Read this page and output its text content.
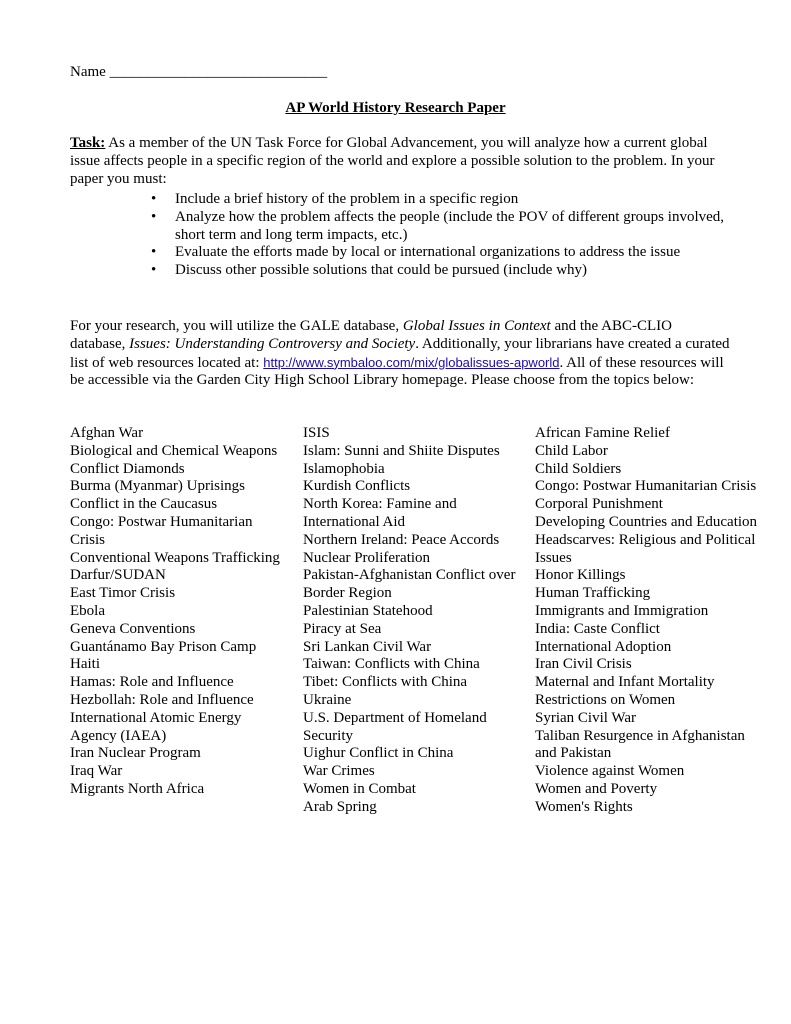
Name _____________________________
AP World History Research Paper
Task: As a member of the UN Task Force for Global Advancement, you will analyze how a current global issue affects people in a specific region of the world and explore a possible solution to the problem. In your paper you must:
• Include a brief history of the problem in a specific region
• Analyze how the problem affects the people (include the POV of different groups involved, short term and long term impacts, etc.)
• Evaluate the efforts made by local or international organizations to address the issue
• Discuss other possible solutions that could be pursued (include why)
For your research, you will utilize the GALE database, Global Issues in Context and the ABC-CLIO database, Issues: Understanding Controversy and Society. Additionally, your librarians have created a curated list of web resources located at: http://www.symbaloo.com/mix/globalissues-apworld. All of these resources will be accessible via the Garden City High School Library homepage. Please choose from the topics below:
Afghan War
Biological and Chemical Weapons
Conflict Diamonds
Burma (Myanmar) Uprisings
Conflict in the Caucasus
Congo: Postwar Humanitarian Crisis
Conventional Weapons Trafficking
Darfur/SUDAN
East Timor Crisis
Ebola
Geneva Conventions
Guantánamo Bay Prison Camp
Haiti
Hamas: Role and Influence
Hezbollah: Role and Influence
International Atomic Energy Agency (IAEA)
Iran Nuclear Program
Iraq War
Migrants North Africa
ISIS
Islam: Sunni and Shiite Disputes
Islamophobia
Kurdish Conflicts
North Korea: Famine and International Aid
Northern Ireland: Peace Accords
Nuclear Proliferation
Pakistan-Afghanistan Conflict over Border Region
Palestinian Statehood
Piracy at Sea
Sri Lankan Civil War
Taiwan: Conflicts with China
Tibet: Conflicts with China
Ukraine
U.S. Department of Homeland Security
Uighur Conflict in China
War Crimes
Women in Combat
Arab Spring
African Famine Relief
Child Labor
Child Soldiers
Congo: Postwar Humanitarian Crisis
Corporal Punishment
Developing Countries and Education
Headscarves: Religious and Political Issues
Honor Killings
Human Trafficking
Immigrants and Immigration
India: Caste Conflict
International Adoption
Iran Civil Crisis
Maternal and Infant Mortality
Restrictions on Women
Syrian Civil War
Taliban Resurgence in Afghanistan and Pakistan
Violence against Women
Women and Poverty
Women's Rights
